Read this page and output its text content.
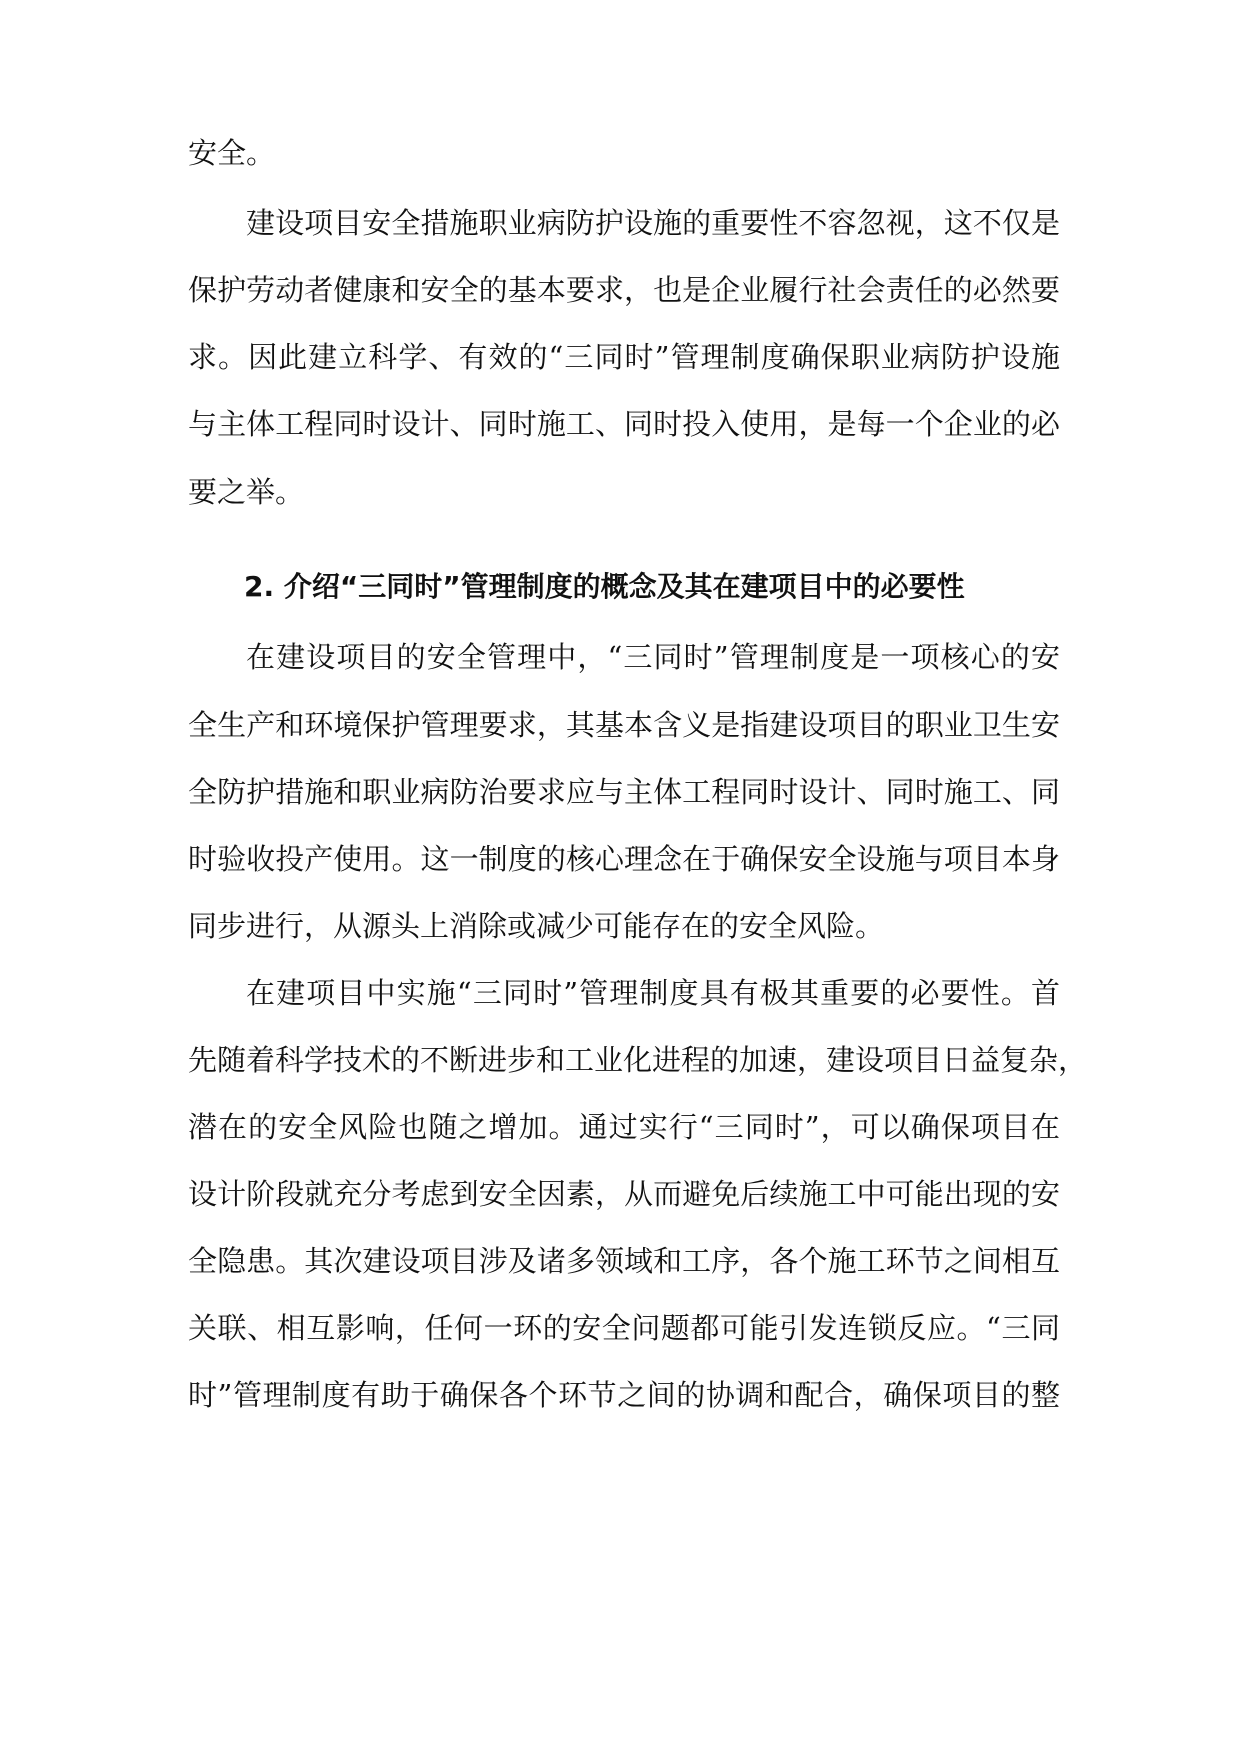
安全。
建设项目安全措施职业病防护设施的重要性不容忽视，这不仅是
保护劳动者健康和安全的基本要求，也是企业履行社会责任的必然要
求。因此建立科学、有效的“三同时”管理制度确保职业病防护设施
与主体工程同时设计、同时施工、同时投入使用，是每一个企业的必
要之举。
2. 介绍“三同时”管理制度的概念及其在建项目中的必要性
在建设项目的安全管理中，“三同时”管理制度是一项核心的安
全生产和环境保护管理要求，其基本含义是指建设项目的职业卫生安
全防护措施和职业病防治要求应与主体工程同时设计、同时施工、同
时验收投产使用。这一制度的核心理念在于确保安全设施与项目本身
同步进行，从源头上消除或减少可能存在的安全风险。
在建项目中实施“三同时”管理制度具有极其重要的必要性。首
先随着科学技术的不断进步和工业化进程的加速，建设项目日益复杂，
潜在的安全风险也随之增加。通过实行“三同时”，可以确保项目在
设计阶段就充分考虑到安全因素，从而避免后续施工中可能出现的安
全隐患。其次建设项目涉及诸多领域和工序，各个施工环节之间相互
关联、相互影响，任何一环的安全问题都可能引发连锁反应。“三同
时”管理制度有助于确保各个环节之间的协调和配合，确保项目的整
